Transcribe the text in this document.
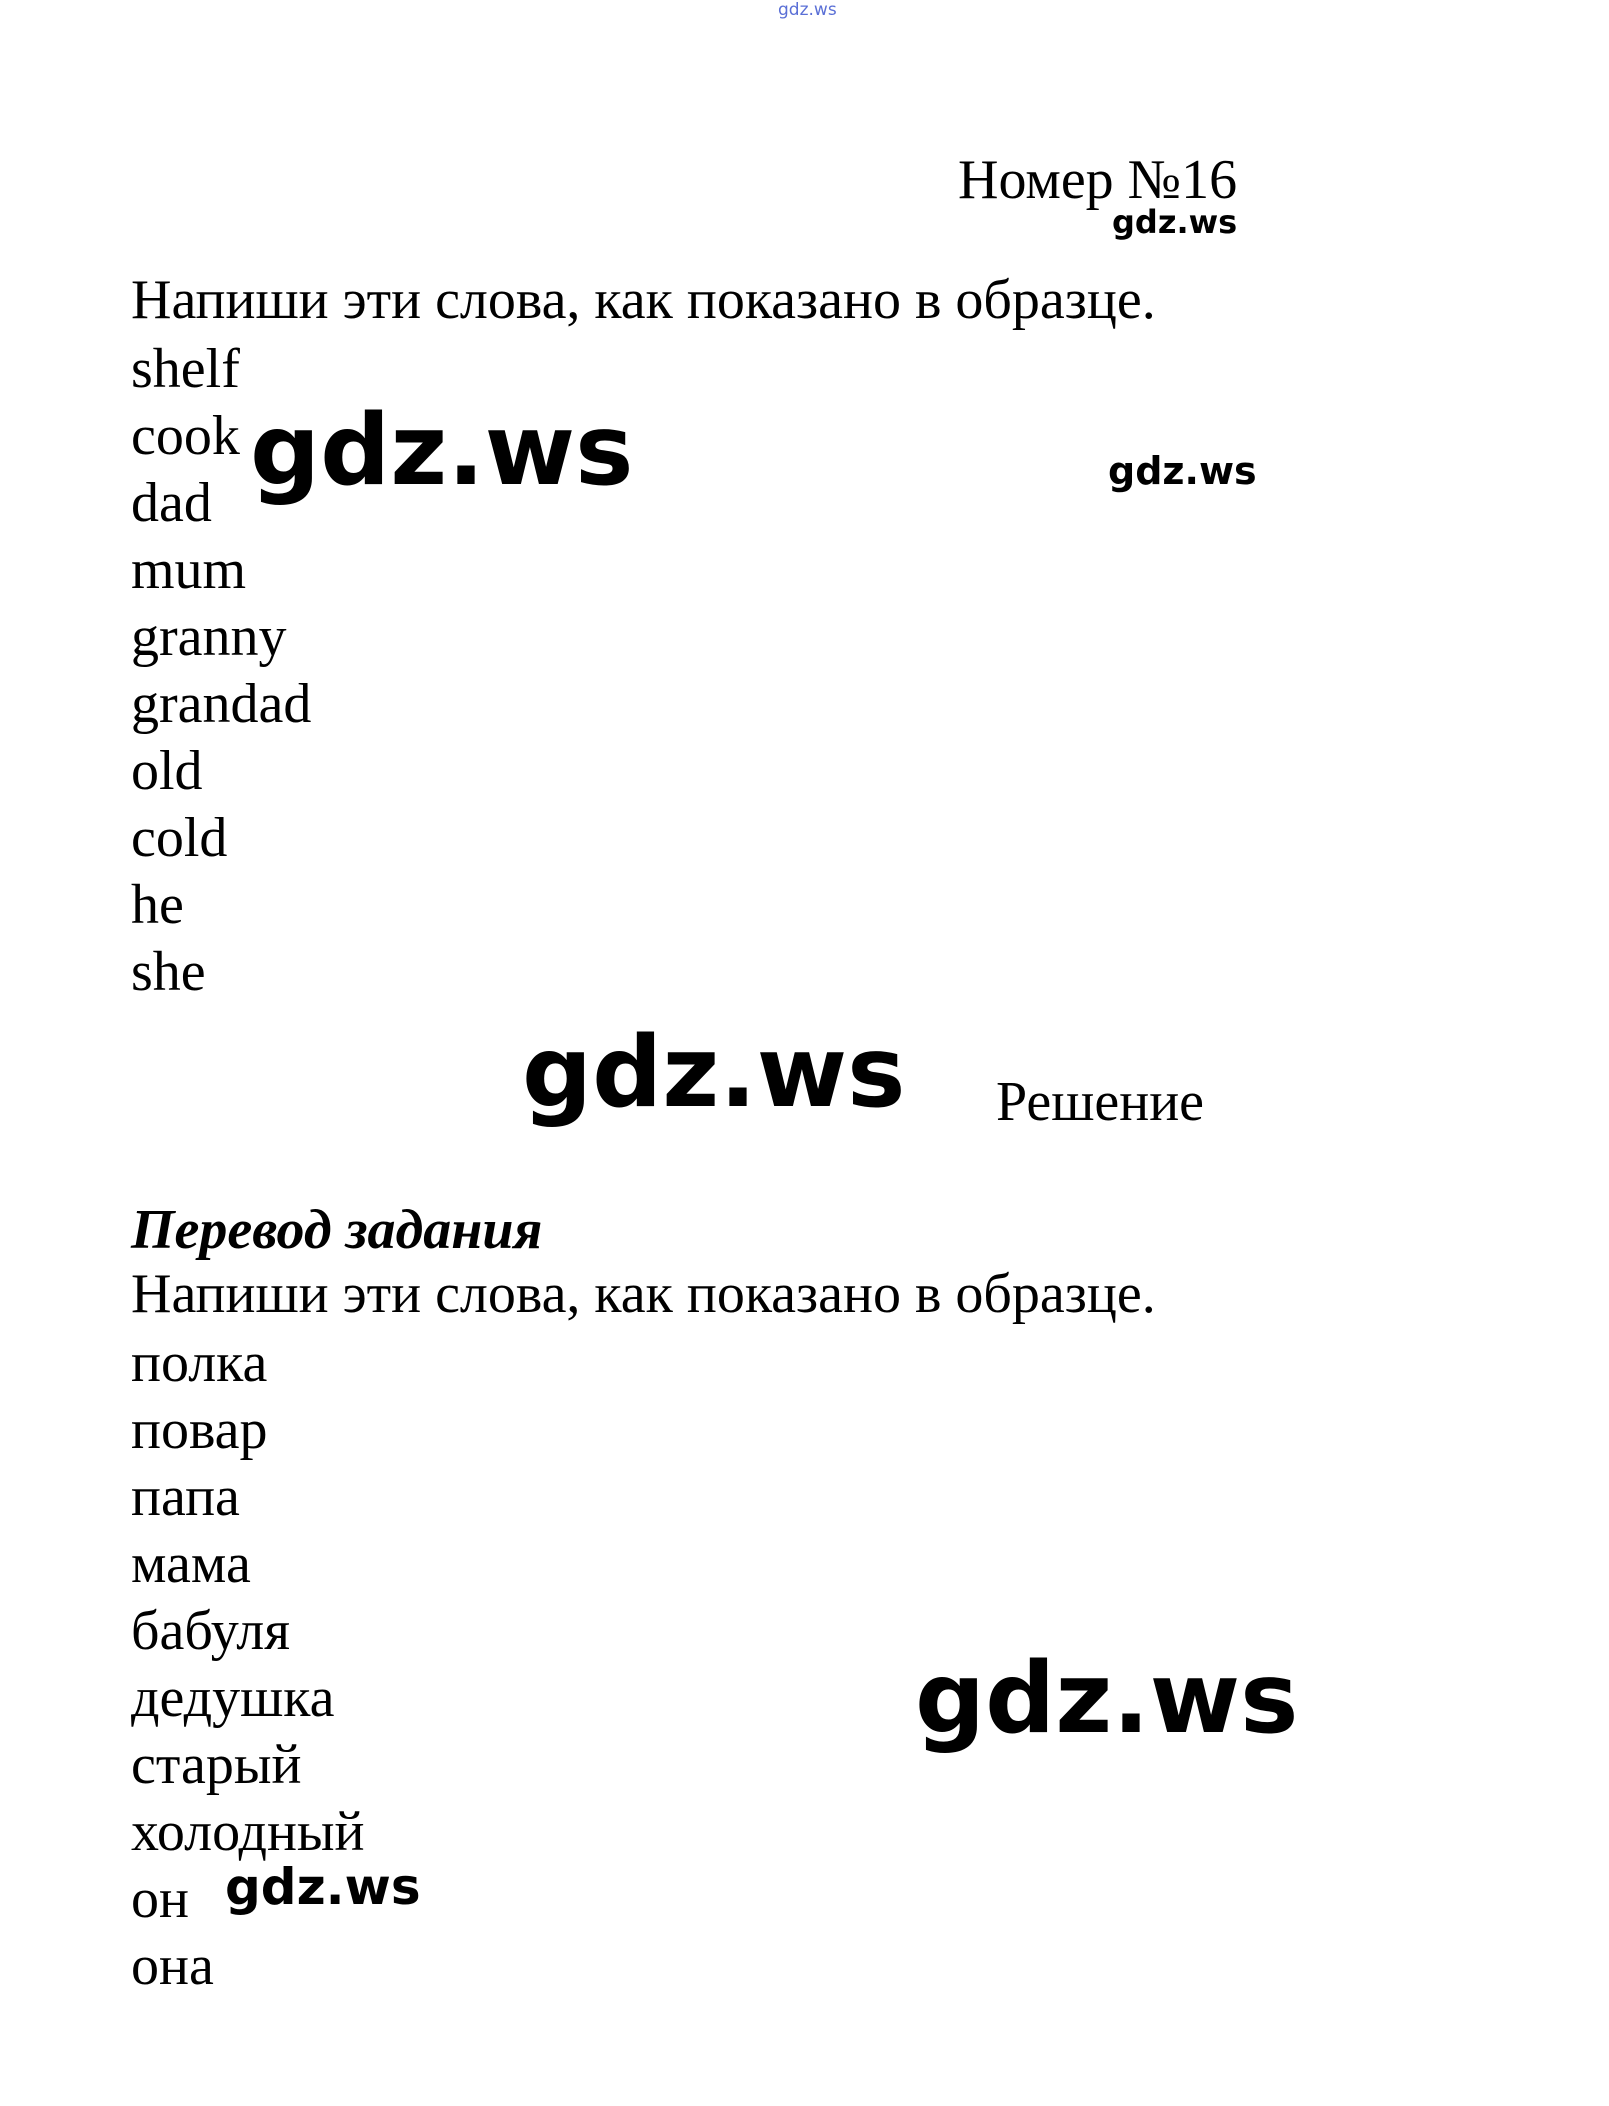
gdz.ws
Номер №16
Напиши эти слова, как показано в образце.
shelf
cook
dad
mum
granny
grandad
old
cold
he
she
Решение
Перевод задания
Напиши эти слова, как показано в образце.
полка
повар
папа
мама
бабуля
дедушка
старый
холодный
он
она
gdz.ws
gdz.ws	gdz.ws
gdz.ws
gdz.ws
gdz.ws
